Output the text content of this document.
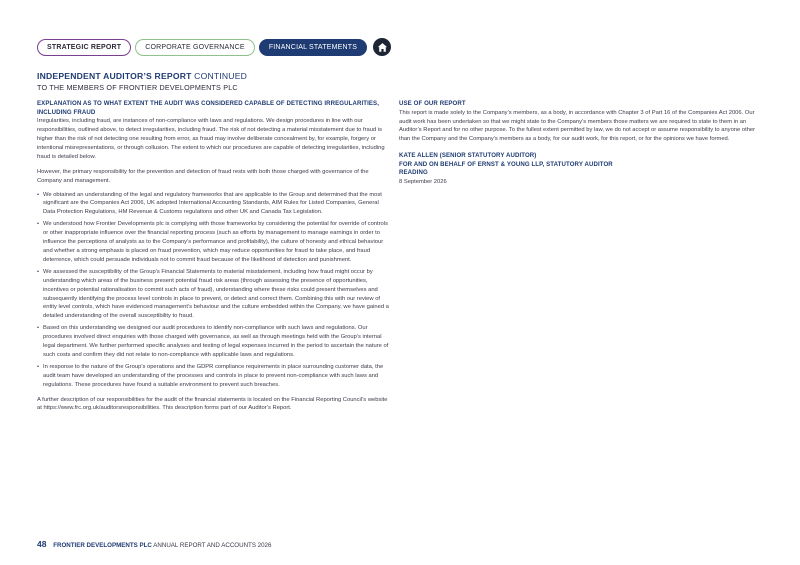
STRATEGIC REPORT	CORPORATE GOVERNANCE	FINANCIAL STATEMENTS
INDEPENDENT AUDITOR’S REPORT CONTINUED
TO THE MEMBERS OF FRONTIER DEVELOPMENTS PLC
EXPLANATION AS TO WHAT EXTENT THE AUDIT WAS CONSIDERED CAPABLE OF DETECTING IRREGULARITIES, INCLUDING FRAUD

Irregularities, including fraud, are instances of non-compliance with laws and regulations. We design procedures in line with our responsibilities, outlined above, to detect irregularities, including fraud. The risk of not detecting a material misstatement due to fraud is higher than the risk of not detecting one resulting from error, as fraud may involve deliberate concealment by, for example, forgery or intentional misrepresentations, or through collusion. The extent to which our procedures are capable of detecting irregularities, including fraud is detailed below.

However, the primary responsibility for the prevention and detection of fraud rests with both those charged with governance of the Company and management.

• We obtained an understanding of the legal and regulatory frameworks that are applicable to the Group and determined that the most significant are the Companies Act 2006, UK adopted International Accounting Standards, AIM Rules for Listed Companies, General Data Protection Regulations, HM Revenue & Customs regulations and other UK and Canada Tax Legislation.
• We understood how Frontier Developments plc is complying with those frameworks by considering the potential for override of controls or other inappropriate influence over the financial reporting process (such as efforts by management to manage earnings in order to influence the perceptions of analysts as to the Company’s performance and profitability), the culture of honesty and ethical behaviour and whether a strong emphasis is placed on fraud prevention, which may reduce opportunities for fraud to take place, and fraud deterrence, which could persuade individuals not to commit fraud because of the likelihood of detection and punishment.
• We assessed the susceptibility of the Group’s Financial Statements to material misstatement, including how fraud might occur by understanding which areas of the business present potential fraud risk areas (through assessing the presence of opportunities, incentives or potential rationalisation to commit such acts of fraud), understanding where these risks could present themselves and subsequently identifying the process level controls in place to prevent, or detect and correct them. Combining this with our review of entity level controls, which have evidenced management’s behaviour and the culture embedded within the Company, we have gained a detailed understanding of the overall susceptibility to fraud.
• Based on this understanding we designed our audit procedures to identify non-compliance with such laws and regulations. Our procedures involved direct enquiries with those charged with governance, as well as through meetings held with the Group’s internal legal department. We further performed specific analyses and testing of legal expenses incurred in the period to ascertain the nature of such costs and confirm they did not relate to non-compliance with applicable laws and regulations.
• In response to the nature of the Group’s operations and the GDPR compliance requirements in place surrounding customer data, the audit team have developed an understanding of the processes and controls in place to prevent non-compliance with such laws and regulations. These procedures have found a suitable environment to prevent such breaches.

A further description of our responsibilities for the audit of the financial statements is located on the Financial Reporting Council’s website at https://www.frc.org.uk/auditorsresponsibilities. This description forms part of our Auditor’s Report.

USE OF OUR REPORT

This report is made solely to the Company’s members, as a body, in accordance with Chapter 3 of Part 16 of the Companies Act 2006. Our audit work has been undertaken so that we might state to the Company’s members those matters we are required to state to them in an Auditor’s Report and for no other purpose. To the fullest extent permitted by law, we do not accept or assume responsibility to anyone other than the Company and the Company’s members as a body, for our audit work, for this report, or for the opinions we have formed.

KATE ALLEN (SENIOR STATUTORY AUDITOR)
FOR AND ON BEHALF OF ERNST & YOUNG LLP, STATUTORY AUDITOR
READING
8 September 2026
48 FRONTIER DEVELOPMENTS PLC ANNUAL REPORT AND ACCOUNTS 2026
